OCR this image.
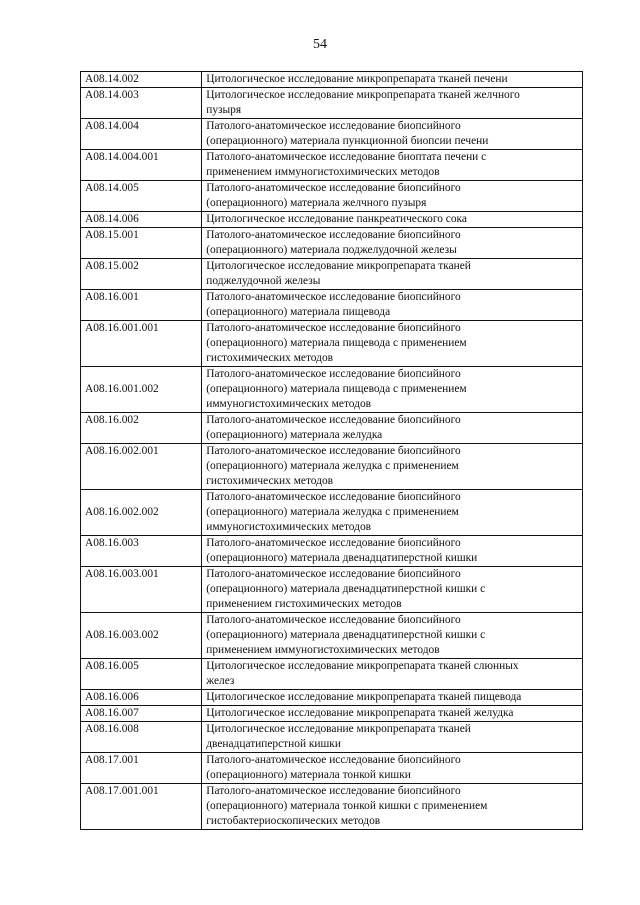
54
А08.14.002	Цитологическое исследование микропрепарата тканей печени
А08.14.003	Цитологическое исследование микропрепарата тканей желчного
пузыря
А08.14.004	Патолого-анатомическое исследование биопсийного
(операционного) материала пункционной биопсии печени
А08.14.004.001	Патолого-анатомическое исследование биоптата печени с
применением иммуногистохимических методов
А08.14.005	Патолого-анатомическое исследование биопсийного
(операционного) материала желчного пузыря
А08.14.006	Цитологическое исследование панкреатического сока
А08.15.001	Патолого-анатомическое исследование биопсийного
(операционного) материала поджелудочной железы
А08.15.002	Цитологическое исследование микропрепарата тканей
поджелудочной железы
А08.16.001	Патолого-анатомическое исследование биопсийного
(операционного) материала пищевода
А08.16.001.001	Патолого-анатомическое исследование биопсийного
(операционного) материала пищевода с применением
гистохимических методов
А08.16.001.002	Патолого-анатомическое исследование биопсийного
(операционного) материала пищевода с применением
иммуногистохимических методов
А08.16.002	Патолого-анатомическое исследование биопсийного
(операционного) материала желудка
А08.16.002.001	Патолого-анатомическое исследование биопсийного
(операционного) материала желудка с применением
гистохимических методов
А08.16.002.002	Патолого-анатомическое исследование биопсийного
(операционного) материала желудка с применением
иммуногистохимических методов
А08.16.003	Патолого-анатомическое исследование биопсийного
(операционного) материала двенадцатиперстной кишки
А08.16.003.001	Патолого-анатомическое исследование биопсийного
(операционного) материала двенадцатиперстной кишки с
применением гистохимических методов
А08.16.003.002	Патолого-анатомическое исследование биопсийного
(операционного) материала двенадцатиперстной кишки с
применением иммуногистохимических методов
А08.16.005	Цитологическое исследование микропрепарата тканей слюнных
желез
А08.16.006	Цитологическое исследование микропрепарата тканей пищевода
А08.16.007	Цитологическое исследование микропрепарата тканей желудка
А08.16.008	Цитологическое исследование микропрепарата тканей
двенадцатиперстной кишки
А08.17.001	Патолого-анатомическое исследование биопсийного
(операционного) материала тонкой кишки
А08.17.001.001	Патолого-анатомическое исследование биопсийного
(операционного) материала тонкой кишки с применением
гистобактериоскопических методов
